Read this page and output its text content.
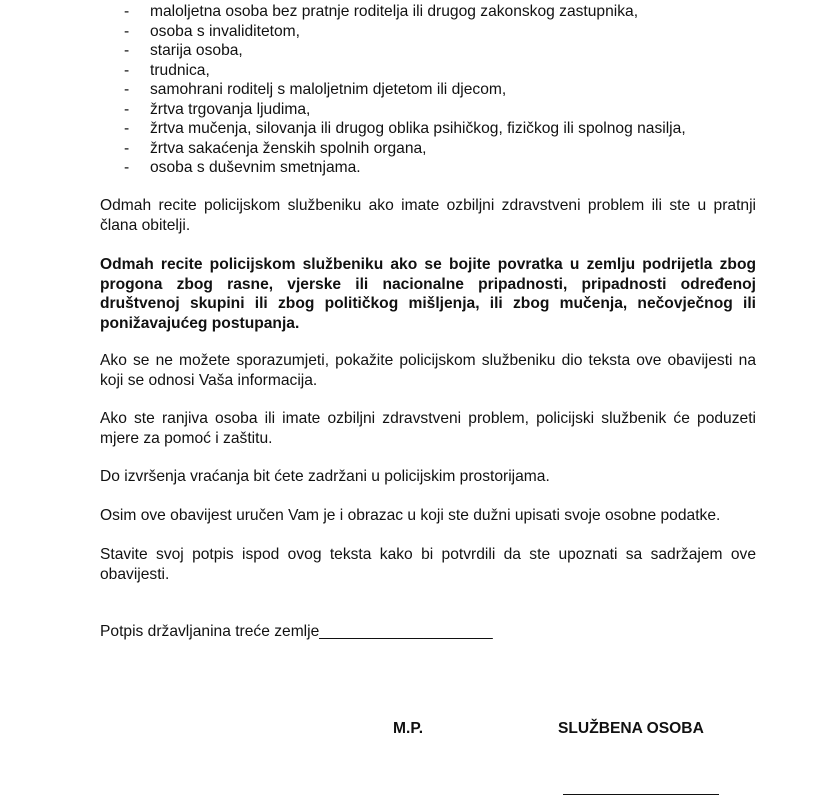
- maloljetna osoba bez pratnje roditelja ili drugog zakonskog zastupnika,
- osoba s invaliditetom,
- starija osoba,
- trudnica,
- samohrani roditelj s maloljetnim djetetom ili djecom,
- žrtva trgovanja ljudima,
- žrtva mučenja, silovanja ili drugog oblika psihičkog, fizičkog ili spolnog nasilja,
- žrtva sakaćenja ženskih spolnih organa,
- osoba s duševnim smetnjama.

Odmah recite policijskom službeniku ako imate ozbiljni zdravstveni problem ili ste u pratnji člana obitelji.

Odmah recite policijskom službeniku ako se bojite povratka u zemlju podrijetla zbog progona zbog rasne, vjerske ili nacionalne pripadnosti, pripadnosti određenoj društvenoj skupini ili zbog političkog mišljenja, ili zbog mučenja, nečovječnog ili ponižavajućeg postupanja.

Ako se ne možete sporazumjeti, pokažite policijskom službeniku dio teksta ove obavijesti na koji se odnosi Vaša informacija.

Ako ste ranjiva osoba ili imate ozbiljni zdravstveni problem, policijski službenik će poduzeti mjere za pomoć i zaštitu.

Do izvršenja vraćanja bit ćete zadržani u policijskim prostorijama.

Osim ove obavijest uručen Vam je i obrazac u koji ste dužni upisati svoje osobne podatke.

Stavite svoj potpis ispod ovog teksta kako bi potvrdili da ste upoznati sa sadržajem ove obavijesti.

Potpis državljanina treće zemlje____________________
M.P.	SLUŽBENA OSOBA
